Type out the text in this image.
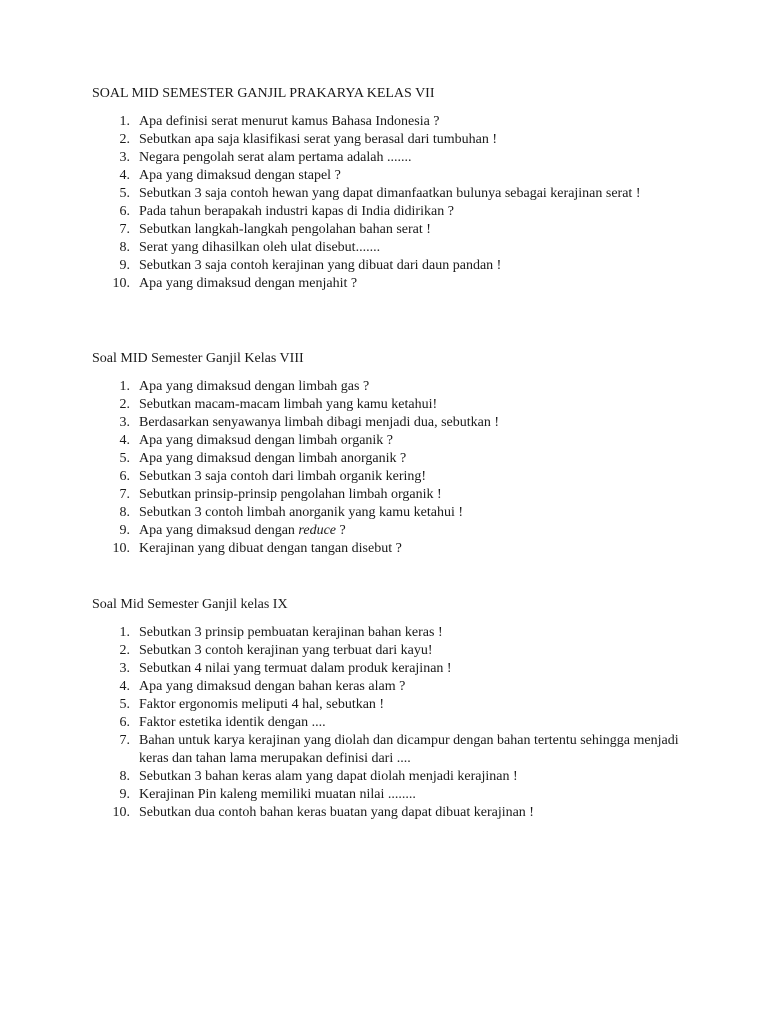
SOAL MID SEMESTER GANJIL PRAKARYA KELAS VII
1. Apa definisi serat menurut kamus Bahasa Indonesia ?
2. Sebutkan apa saja klasifikasi serat yang berasal dari tumbuhan !
3. Negara pengolah serat alam pertama adalah .......
4. Apa yang dimaksud dengan stapel ?
5. Sebutkan 3 saja contoh hewan yang dapat dimanfaatkan bulunya sebagai kerajinan serat !
6. Pada tahun berapakah industri kapas di India didirikan ?
7. Sebutkan langkah-langkah pengolahan bahan serat !
8. Serat yang dihasilkan oleh ulat disebut.......
9. Sebutkan 3 saja contoh kerajinan yang dibuat dari daun pandan !
10. Apa yang dimaksud dengan menjahit ?
Soal MID Semester Ganjil Kelas VIII
1. Apa yang dimaksud dengan limbah gas ?
2. Sebutkan macam-macam limbah yang kamu ketahui!
3. Berdasarkan senyawanya limbah dibagi menjadi dua, sebutkan !
4. Apa yang dimaksud dengan limbah organik ?
5. Apa yang dimaksud dengan limbah anorganik ?
6. Sebutkan 3 saja contoh dari limbah organik kering!
7. Sebutkan prinsip-prinsip pengolahan limbah organik !
8. Sebutkan 3 contoh limbah anorganik yang kamu ketahui !
9. Apa yang dimaksud dengan reduce ?
10. Kerajinan yang dibuat dengan tangan disebut ?
Soal Mid Semester Ganjil kelas IX
1. Sebutkan 3 prinsip pembuatan kerajinan bahan keras !
2. Sebutkan 3 contoh kerajinan yang terbuat dari kayu!
3. Sebutkan 4 nilai yang termuat dalam produk kerajinan !
4. Apa yang dimaksud dengan bahan keras alam ?
5. Faktor ergonomis meliputi 4 hal, sebutkan !
6. Faktor estetika identik dengan ....
7. Bahan untuk karya kerajinan yang diolah dan dicampur dengan bahan tertentu sehingga menjadi keras dan tahan lama merupakan definisi dari ....
8. Sebutkan 3 bahan keras alam yang dapat diolah menjadi kerajinan !
9. Kerajinan Pin kaleng memiliki muatan nilai ........
10. Sebutkan dua contoh bahan keras buatan yang dapat dibuat kerajinan !
